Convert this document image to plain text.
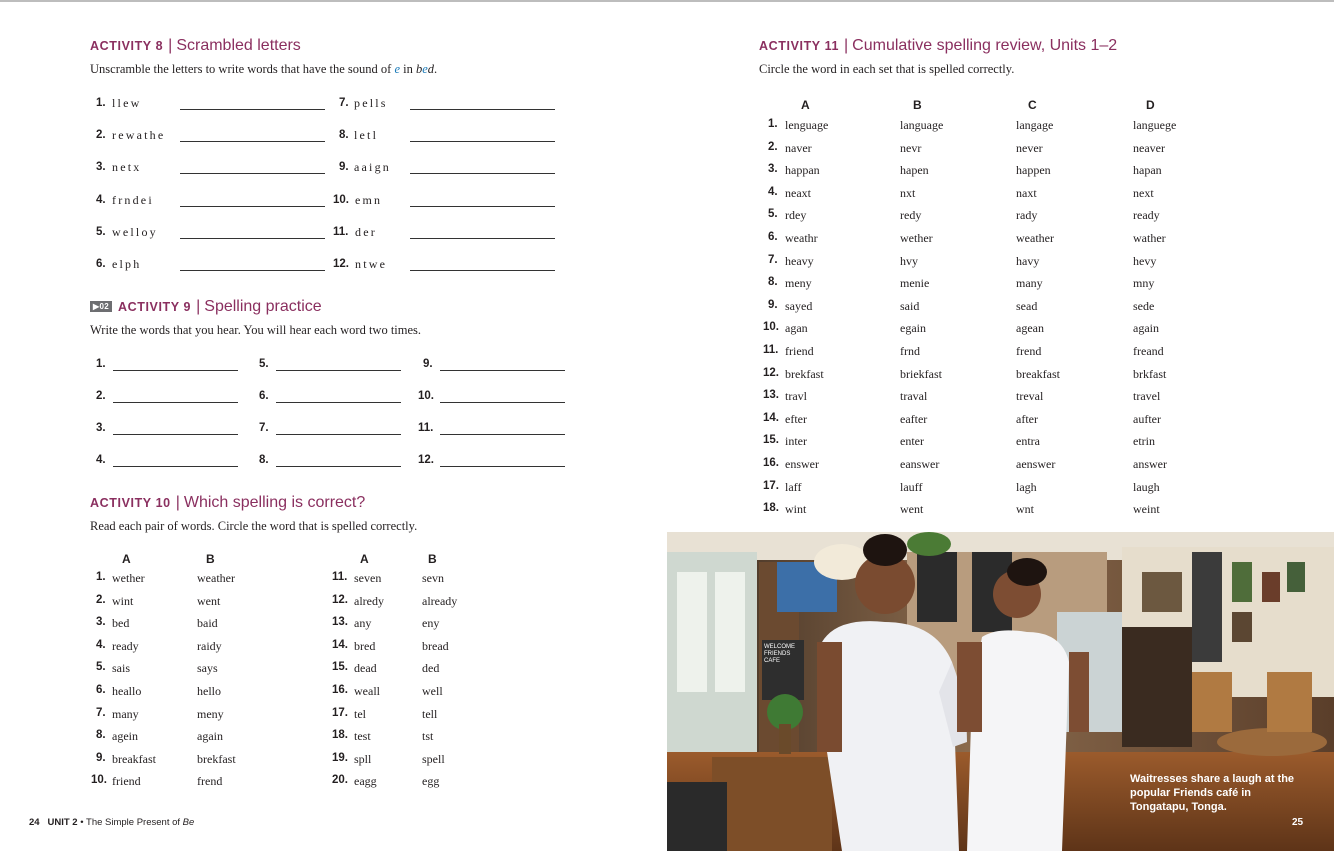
ACTIVITY 8 | Scrambled letters
Unscramble the letters to write words that have the sound of e in bed.
1. llew	7. pells
2. rewathe	8. letl
3. netx	9. aaign
4. frndei	10. emn
5. welloy	11. der
6. elph	12. ntwe
▶02 ACTIVITY 9 | Spelling practice
Write the words that you hear. You will hear each word two times.
1.	5.	9.
2.	6.	10.
3.	7.	11.
4.	8.	12.
ACTIVITY 10 | Which spelling is correct?
Read each pair of words. Circle the word that is spelled correctly.
A	B	A	B
1. wether	weather	11. seven	sevn
2. wint	went	12. alredy	already
3. bed	baid	13. any	eny
4. ready	raidy	14. bred	bread
5. sais	says	15. dead	ded
6. heallo	hello	16. weall	well
7. many	meny	17. tel	tell
8. agein	again	18. test	tst
9. breakfast	brekfast	19. spll	spell
10. friend	frend	20. eagg	egg
ACTIVITY 11 | Cumulative spelling review, Units 1–2
Circle the word in each set that is spelled correctly.
A	B	C	D
1. lenguage	language	langage	languege
2. naver	nevr	never	neaver
3. happan	hapen	happen	hapan
4. neaxt	nxt	naxt	next
5. rdey	redy	rady	ready
6. weathr	wether	weather	wather
7. heavy	hvy	havy	hevy
8. meny	menie	many	mny
9. sayed	said	sead	sede
10. agan	egain	agean	again
11. friend	frnd	frend	freand
12. brekfast	briekfast	breakfast	brkfast
13. travl	traval	treval	travel
14. efter	eafter	after	aufter
15. inter	enter	entra	etrin
16. enswer	eanswer	aenswer	answer
17. laff	lauff	lagh	laugh
18. wint	went	wnt	weint
24 UNIT 2 • The Simple Present of Be
WELCOME FRIENDS CAFE
Waitresses share a laugh at the popular Friends café in Tongatapu, Tonga.
25
